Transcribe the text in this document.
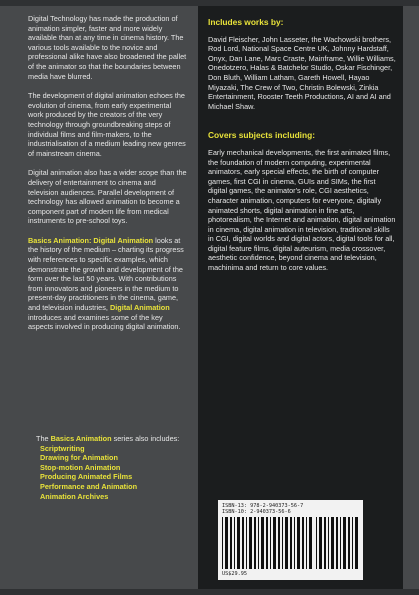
Digital Technology has made the production of animation simpler, faster and more widely available than at any time in cinema history. The various tools available to the novice and professional alike have also broadened the pallet of the animator so that the boundaries between media have blurred.

The development of digital animation echoes the evolution of cinema, from early experimental work produced by the creators of the very technology through groundbreaking steps of individual films and film-makers, to the industrialisation of a medium leading new genres of mainstream cinema.

Digital animation also has a wider scope than the delivery of entertainment to cinema and television audiences. Parallel development of technology has allowed animation to become a component part of modern life from medical instruments to pre-school toys.

Basics Animation: Digital Animation looks at the history of the medium – charting its progress with references to specific examples, which demonstrate the growth and development of the form over the last 50 years. With contributions from innovators and pioneers in the medium to present-day practitioners in the cinema, game, and television industries, Digital Animation introduces and examines some of the key aspects involved in producing digital animation.

The Basics Animation series also includes:

Scriptwriting
Drawing for Animation
Stop-motion Animation
Producing Animated Films
Performance and Animation
Animation Archives

Includes works by:

David Fleischer, John Lasseter, the Wachowski brothers, Rod Lord, National Space Centre UK, Johnny Hardstaff, Onyx, Dan Lane, Marc Craste, Mainframe, Willie Williams, Onedotzero, Halas & Batchelor Studio, Oskar Fischinger, Don Bluth, William Latham, Gareth Howell, Hayao Miyazaki, The Crew of Two, Christin Bolewski, Zinkia Entertainment, Rooster Teeth Productions, AI and AI and Michael Shaw.

Covers subjects including:

Early mechanical developments, the first animated films, the foundation of modern computing, experimental animators, early special effects, the birth of computer games, first CGI in cinema, GUIs and SIMs, the first digital games, the animator's role, CGI aesthetics, character animation, computers for everyone, digitally animated shorts, digital animation in fine arts, photorealism, the Internet and animation, digital animation in cinema, digital animation in television, traditional skills in CGI, digital worlds and digital actors, digital tools for all, digital feature films, digital auteurism, media crossover, aesthetic confidence, beyond cinema and television, machinima and return to core values.

ISBN-13: 978-2-940373-56-7
ISBN-10: 2-940373-56-6
US$29.95
